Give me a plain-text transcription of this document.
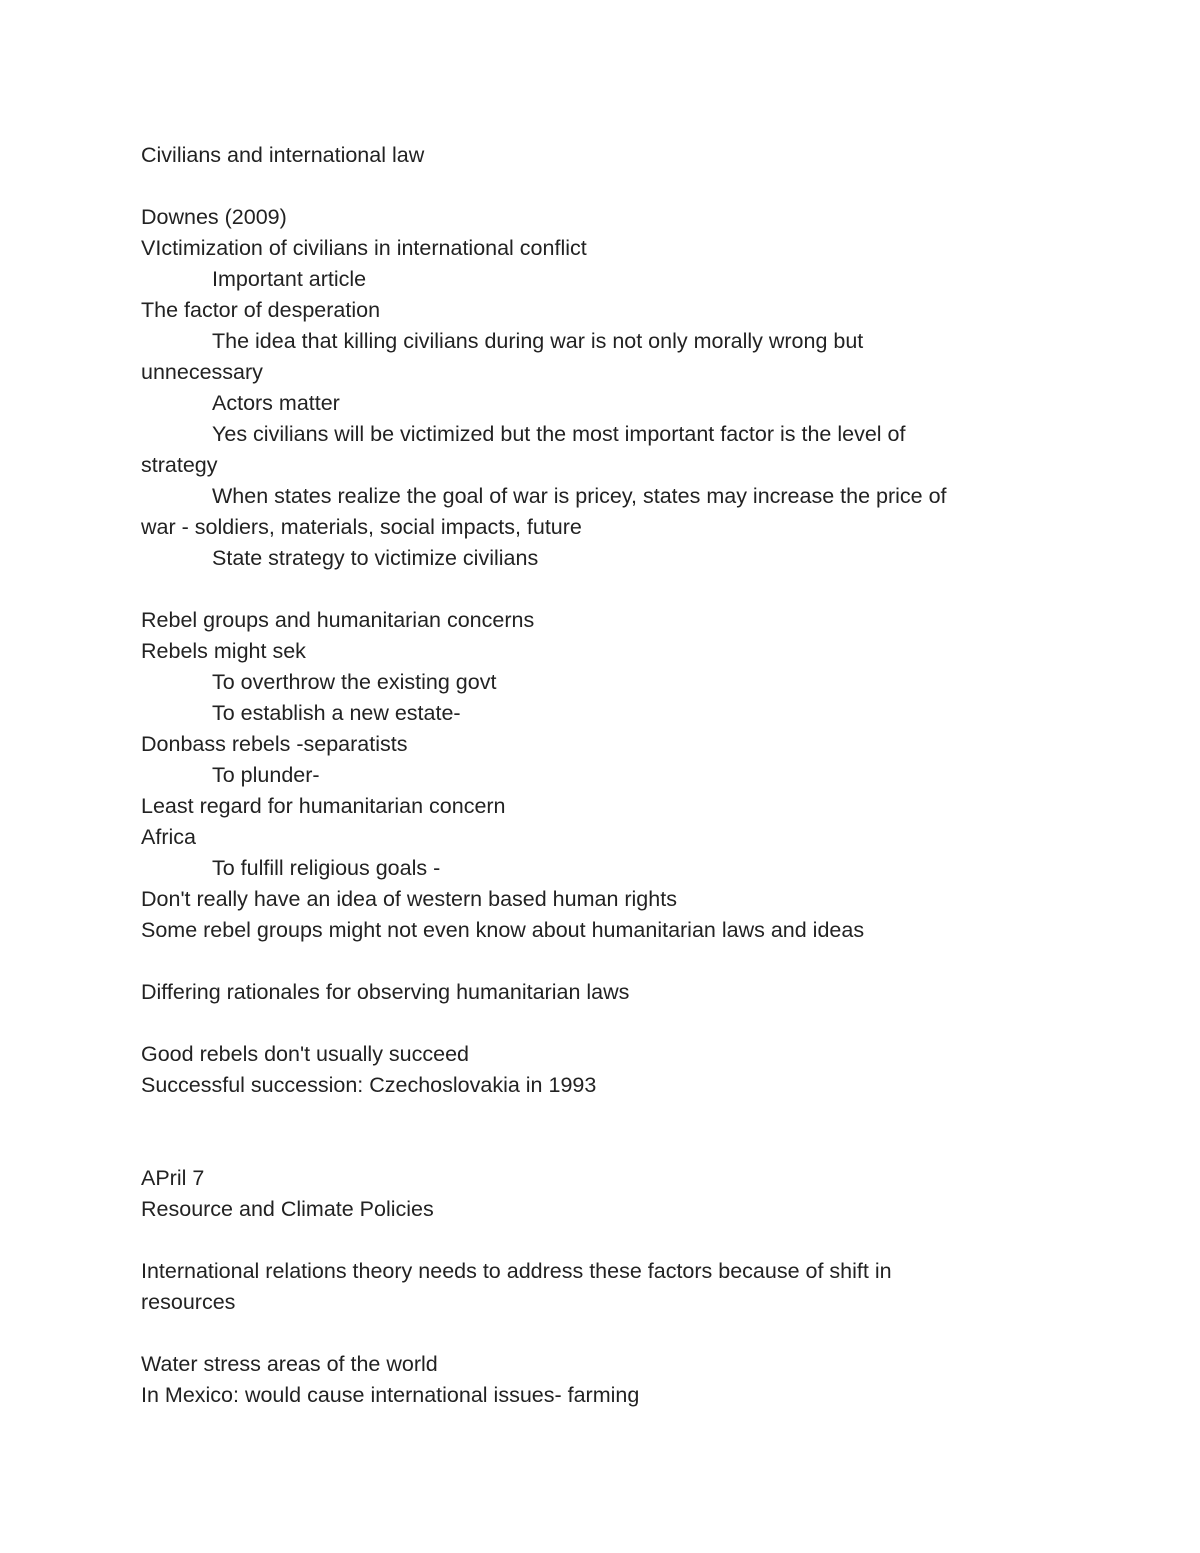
Civilians and international law
Downes (2009)
VIctimization of civilians in international conflict
Important article
The factor of desperation
The idea that killing civilians during war is not only morally wrong but
unnecessary
Actors matter
Yes civilians will be victimized but the most important factor is the level of
strategy
When states realize the goal of war is pricey, states may increase the price of
war - soldiers, materials, social impacts, future
State strategy to victimize civilians
Rebel groups and humanitarian concerns
Rebels might sek
To overthrow the existing govt
To establish a new estate-
Donbass rebels -separatists
To plunder-
Least regard for humanitarian concern
Africa
To fulfill religious goals -
Don't really have an idea of western based human rights
Some rebel groups might not even know about humanitarian laws and ideas
Differing rationales for observing humanitarian laws
Good rebels don't usually succeed
Successful succession: Czechoslovakia in 1993
APril 7
Resource and Climate Policies
International relations theory needs to address these factors because of shift in
resources
Water stress areas of the world
In Mexico: would cause international issues- farming
